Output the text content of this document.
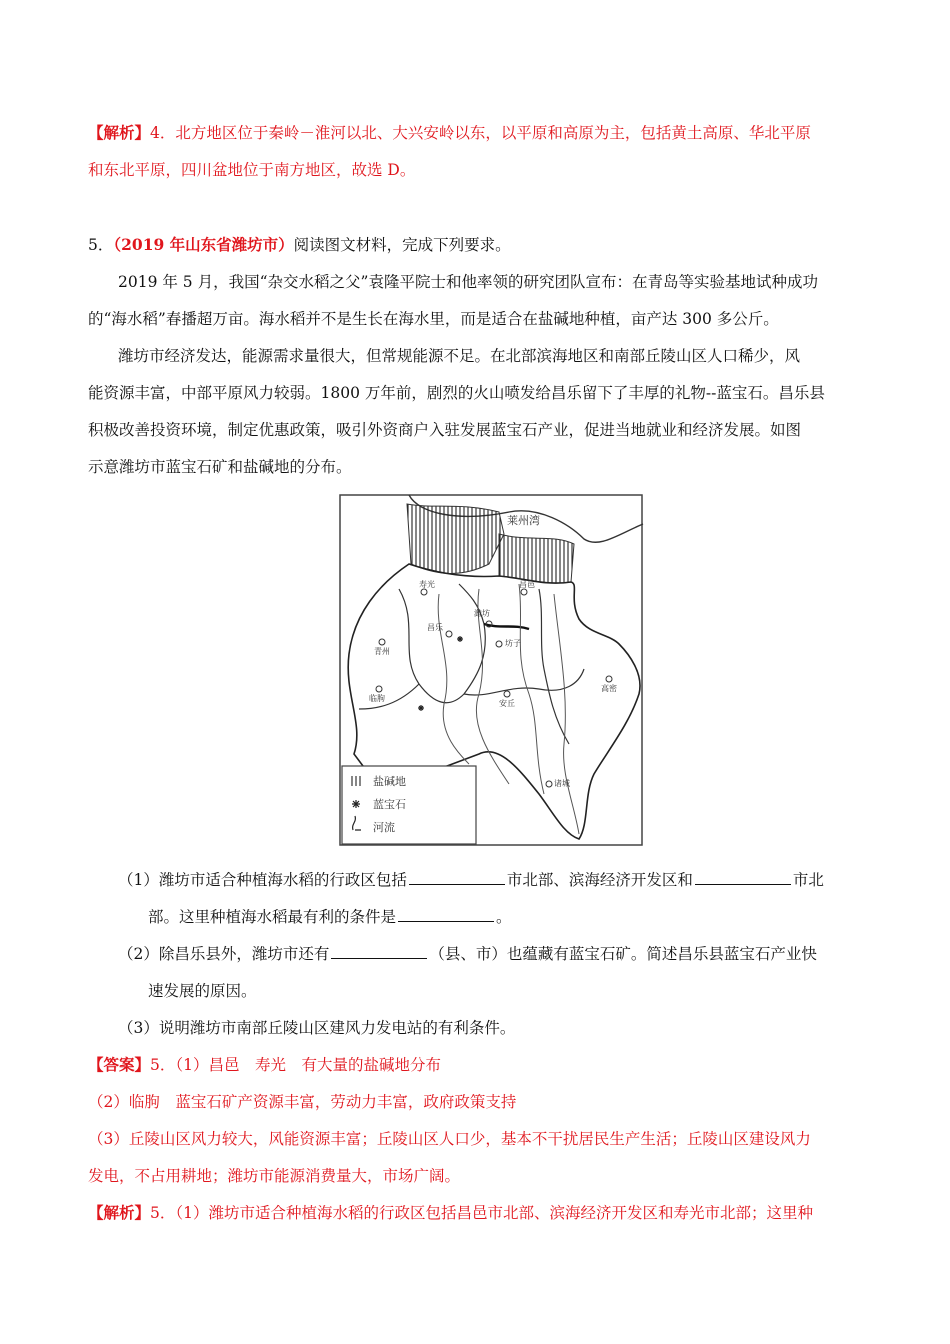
【解析】4．北方地区位于秦岭－淮河以北、大兴安岭以东，以平原和高原为主，包括黄土高原、华北平原
和东北平原，四川盆地位于南方地区，故选 D。
5．（2019 年山东省潍坊市）阅读图文材料，完成下列要求。
2019 年 5 月，我国“杂交水稻之父”袁隆平院士和他率领的研究团队宣布：在青岛等实验基地试种成功
的“海水稻”春播超万亩。海水稻并不是生长在海水里，而是适合在盐碱地种植，亩产达 300 多公斤。
潍坊市经济发达，能源需求量很大，但常规能源不足。在北部滨海地区和南部丘陵山区人口稀少，风
能资源丰富，中部平原风力较弱。1800 万年前，剧烈的火山喷发给昌乐留下了丰厚的礼物--蓝宝石。昌乐县
积极改善投资环境，制定优惠政策，吸引外资商户入驻发展蓝宝石产业，促进当地就业和经济发展。如图
示意潍坊市蓝宝石矿和盐碱地的分布。
莱州湾
青州
昌乐
临朐
寿光
潍坊
昌邑
坊子
安丘
高密
诸城
盐碱地
蓝宝石
河流
（1）潍坊市适合种植海水稻的行政区包括	市北部、滨海经济开发区和	市北
部。这里种植海水稻最有利的条件是	。
（2）除昌乐县外，潍坊市还有	（县、市）也蕴藏有蓝宝石矿。简述昌乐县蓝宝石产业快
速发展的原因。
（3）说明潍坊市南部丘陵山区建风力发电站的有利条件。
【答案】5．（1）昌邑　寿光　有大量的盐碱地分布
（2）临朐　蓝宝石矿产资源丰富，劳动力丰富，政府政策支持
（3）丘陵山区风力较大，风能资源丰富；丘陵山区人口少，基本不干扰居民生产生活；丘陵山区建设风力
发电，不占用耕地；潍坊市能源消费量大，市场广阔。
【解析】5．（1）潍坊市适合种植海水稻的行政区包括昌邑市北部、滨海经济开发区和寿光市北部；这里种
